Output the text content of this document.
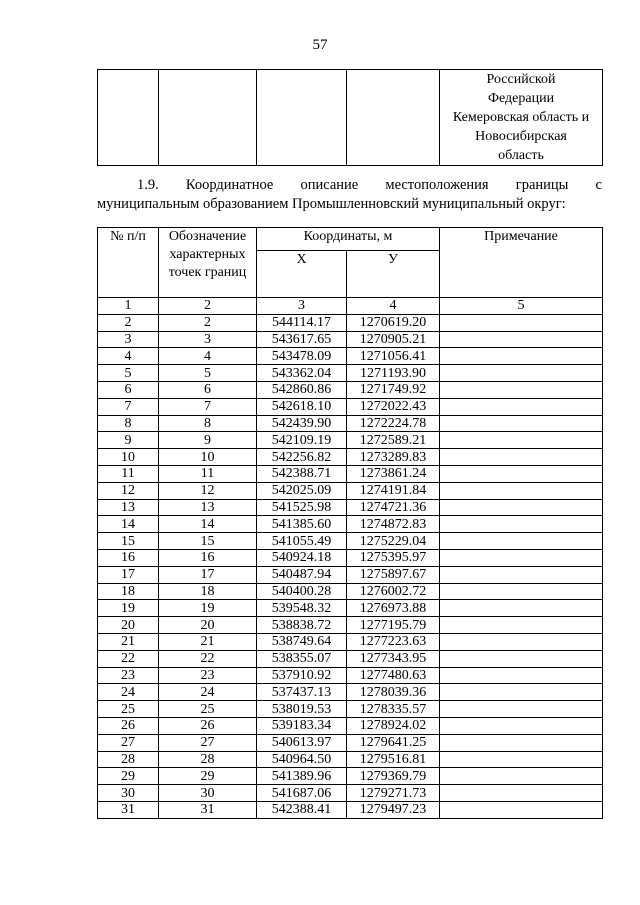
57

Российской
Федерации
Кемеровская область и
Новосибирская
область
1.9. Координатное описание местоположения границы с
муниципальным образованием Промышленновский муниципальный округ:
№ п/п	Обозначение характерных точек границ	Координаты, м		Примечание
		X	У	
1	2	3	4	5
2	2	544114.17	1270619.20	
3	3	543617.65	1270905.21	
4	4	543478.09	1271056.41	
5	5	543362.04	1271193.90	
6	6	542860.86	1271749.92	
7	7	542618.10	1272022.43	
8	8	542439.90	1272224.78	
9	9	542109.19	1272589.21	
10	10	542256.82	1273289.83	
11	11	542388.71	1273861.24	
12	12	542025.09	1274191.84	
13	13	541525.98	1274721.36	
14	14	541385.60	1274872.83	
15	15	541055.49	1275229.04	
16	16	540924.18	1275395.97	
17	17	540487.94	1275897.67	
18	18	540400.28	1276002.72	
19	19	539548.32	1276973.88	
20	20	538838.72	1277195.79	
21	21	538749.64	1277223.63	
22	22	538355.07	1277343.95	
23	23	537910.92	1277480.63	
24	24	537437.13	1278039.36	
25	25	538019.53	1278335.57	
26	26	539183.34	1278924.02	
27	27	540613.97	1279641.25	
28	28	540964.50	1279516.81	
29	29	541389.96	1279369.79	
30	30	541687.06	1279271.73	
31	31	542388.41	1279497.23	
